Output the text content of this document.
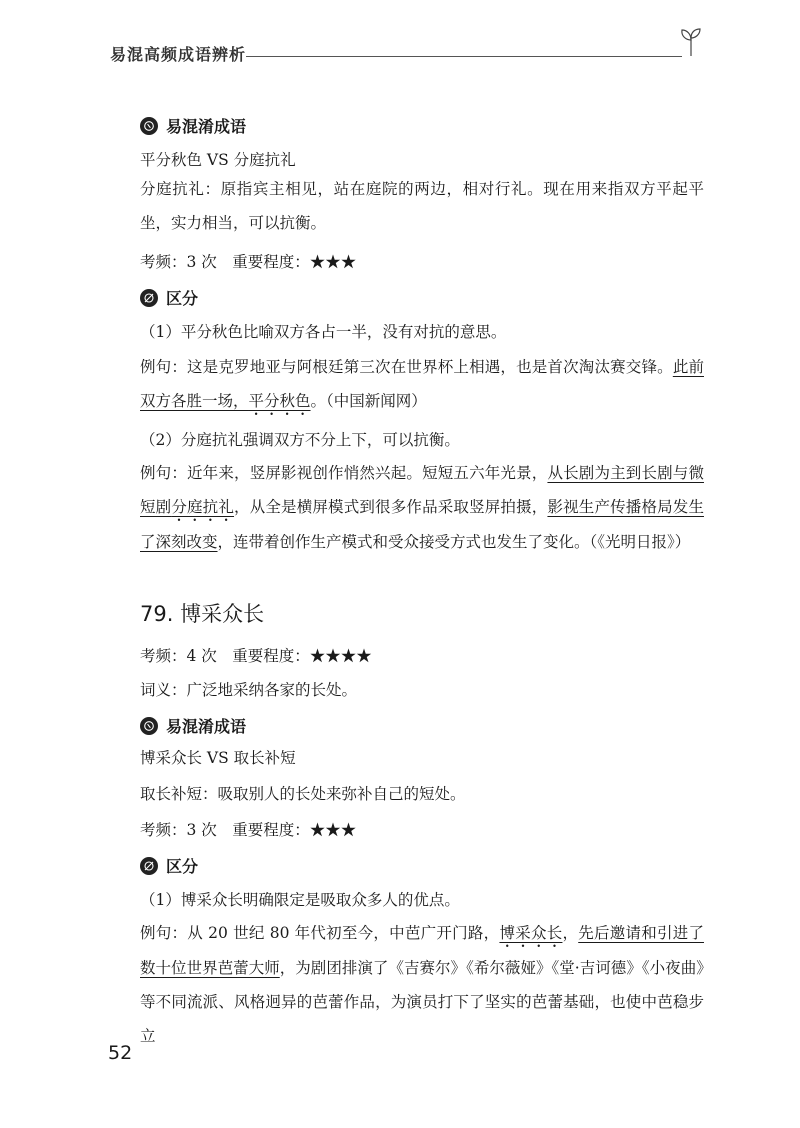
易混高频成语辨析
易混淆成语
平分秋色 VS 分庭抗礼
分庭抗礼：原指宾主相见，站在庭院的两边，相对行礼。现在用来指双方平起平坐，实力相当，可以抗衡。
考频：3 次　重要程度：★★★
区分
（1）平分秋色比喻双方各占一半，没有对抗的意思。
例句：这是克罗地亚与阿根廷第三次在世界杯上相遇，也是首次淘汰赛交锋。此前双方各胜一场，平分秋色。（中国新闻网）
（2）分庭抗礼强调双方不分上下，可以抗衡。
例句：近年来，竖屏影视创作悄然兴起。短短五六年光景，从长剧为主到长剧与微短剧分庭抗礼，从全是横屏模式到很多作品采取竖屏拍摄，影视生产传播格局发生了深刻改变，连带着创作生产模式和受众接受方式也发生了变化。（《光明日报》）
79. 博采众长
考频：4 次　重要程度：★★★★
词义：广泛地采纳各家的长处。
易混淆成语
博采众长 VS 取长补短
取长补短：吸取别人的长处来弥补自己的短处。
考频：3 次　重要程度：★★★
区分
（1）博采众长明确限定是吸取众多人的优点。
例句：从 20 世纪 80 年代初至今，中芭广开门路，博采众长，先后邀请和引进了数十位世界芭蕾大师，为剧团排演了《吉赛尔》《希尔薇娅》《堂·吉诃德》《小夜曲》等不同流派、风格迥异的芭蕾作品，为演员打下了坚实的芭蕾基础，也使中芭稳步立
52
